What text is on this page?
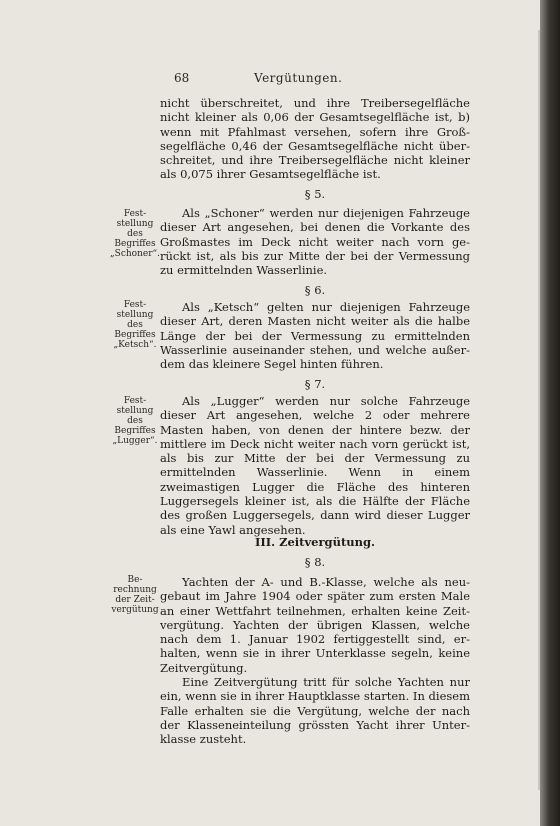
68	Vergütungen.

nicht überschreitet, und ihre Treibersegelfläche nicht kleiner als 0,06 der Gesamtsegelfläche ist, b) wenn mit Pfahlmast versehen, sofern ihre Groß-segelfläche 0,46 der Gesamtsegelfläche nicht über-schreitet, und ihre Treibersegelfläche nicht kleiner als 0,075 ihrer Gesamtsegelfläche ist.

§ 5.
Fest-
stellung des
Begriffes
„Schoner“.

Als „Schoner“ werden nur diejenigen Fahrzeuge dieser Art angesehen, bei denen die Vorkante des Großmastes im Deck nicht weiter nach vorn ge-rückt ist, als bis zur Mitte der bei der Vermessung zu ermittelnden Wasserlinie.

§ 6.
Fest-
stellung des
Begriffes
„Ketsch“.

Als „Ketsch“ gelten nur diejenigen Fahrzeuge dieser Art, deren Masten nicht weiter als die halbe Länge der bei der Vermessung zu ermittelnden Wasserlinie auseinander stehen, und welche außer-dem das kleinere Segel hinten führen.

§ 7.
Fest-
stellung des
Begriffes
„Lugger“.

Als „Lugger“ werden nur solche Fahrzeuge dieser Art angesehen, welche 2 oder mehrere Masten haben, von denen der hintere bezw. der mittlere im Deck nicht weiter nach vorn gerückt ist, als bis zur Mitte der bei der Vermessung zu ermittelnden Wasserlinie. Wenn in einem zweimastigen Lugger die Fläche des hinteren Luggersegels kleiner ist, als die Hälfte der Fläche des großen Luggersegels, dann wird dieser Lugger als eine Yawl angesehen.

III. Zeitvergütung.
§ 8.
Be-
rechnung
der Zeit-
vergütung

Yachten der A- und B.-Klasse, welche als neu-gebaut im Jahre 1904 oder später zum ersten Male an einer Wettfahrt teilnehmen, erhalten keine Zeit-vergütung. Yachten der übrigen Klassen, welche nach dem 1. Januar 1902 fertiggestellt sind, er-halten, wenn sie in ihrer Unterklasse segeln, keine Zeitvergütung.

Eine Zeitvergütung tritt für solche Yachten nur ein, wenn sie in ihrer Hauptklasse starten. In diesem Falle erhalten sie die Vergütung, welche der nach der Klasseneinteilung grössten Yacht ihrer Unter-klasse zusteht.
